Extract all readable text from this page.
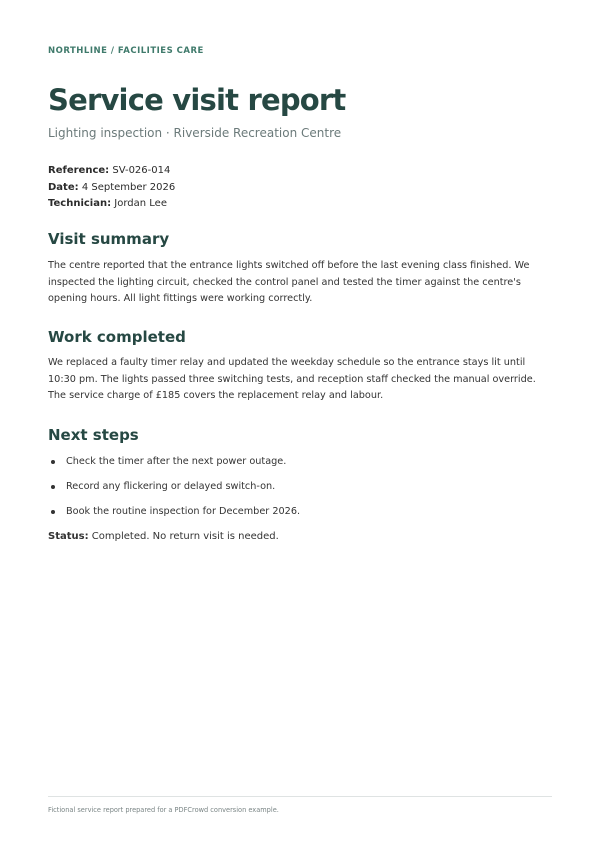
NORTHLINE / FACILITIES CARE
Service visit report
Lighting inspection · Riverside Recreation Centre
Reference: SV-026-014
Date: 4 September 2026
Technician: Jordan Lee
Visit summary

The centre reported that the entrance lights switched off before the last evening class finished. We inspected the lighting circuit, checked the control panel and tested the timer against the centre's opening hours. All light fittings were working correctly.

Work completed

We replaced a faulty timer relay and updated the weekday schedule so the entrance stays lit until 10:30 pm. The lights passed three switching tests, and reception staff checked the manual override. The service charge of £185 covers the replacement relay and labour.

Next steps
Check the timer after the next power outage.
Record any flickering or delayed switch-on.
Book the routine inspection for December 2026.
Status: Completed. No return visit is needed.
Fictional service report prepared for a PDFCrowd conversion example.
